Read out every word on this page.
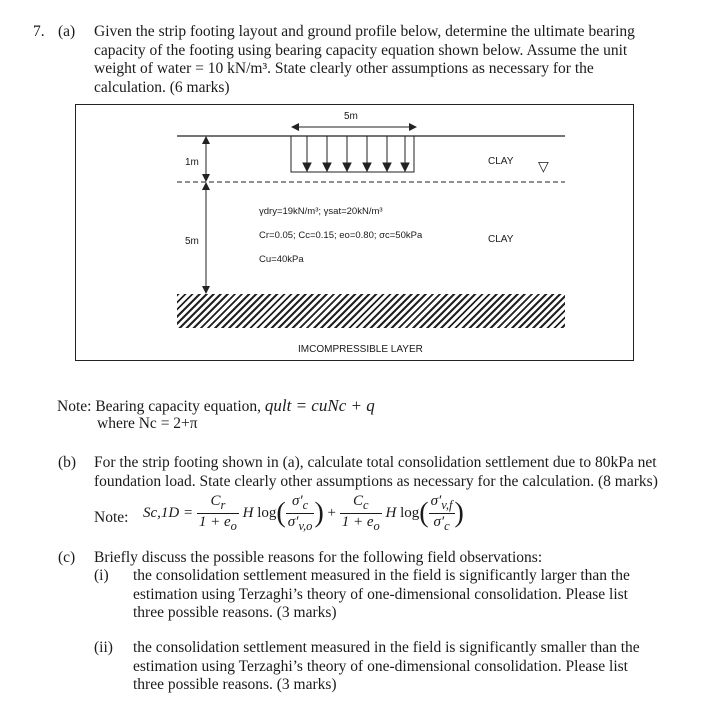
7. (a) Given the strip footing layout and ground profile below, determine the ultimate bearing
capacity of the footing using bearing capacity equation shown below. Assume the unit
weight of water = 10 kN/m³. State clearly other assumptions as necessary for the
calculation. (6 marks)
5m
1m
5m
CLAY ▽
CLAY
γdry=19kN/m³; γsat=20kN/m³
Cr=0.05; Cc=0.15; eo=0.80; σc=50kPa
Cu=40kPa
IMCOMPRESSIBLE LAYER
Note: Bearing capacity equation, qult = cuNc + q
where Nc = 2+π
(b) For the strip footing shown in (a), calculate total consolidation settlement due to 80kPa net
foundation load. State clearly other assumptions as necessary for the calculation. (8 marks)
Note: $Sc,1D = \frac{C_r}{1 + e_o}$ H $\log( \frac{\sigma'_c}{\sigma'_{v,o}}$ ) + $\frac{C_c}{1 + e_o}$ H $\log( \frac{\sigma'_{v,f}}{\sigma'_c}$ )
(c) Briefly discuss the possible reasons for the following field observations:
(i) the consolidation settlement measured in the field is significantly larger than the
estimation using Terzaghi’s theory of one-dimensional consolidation. Please list
three possible reasons. (3 marks)
(ii) the consolidation settlement measured in the field is significantly smaller than the
estimation using Terzaghi’s theory of one-dimensional consolidation. Please list
three possible reasons. (3 marks)
